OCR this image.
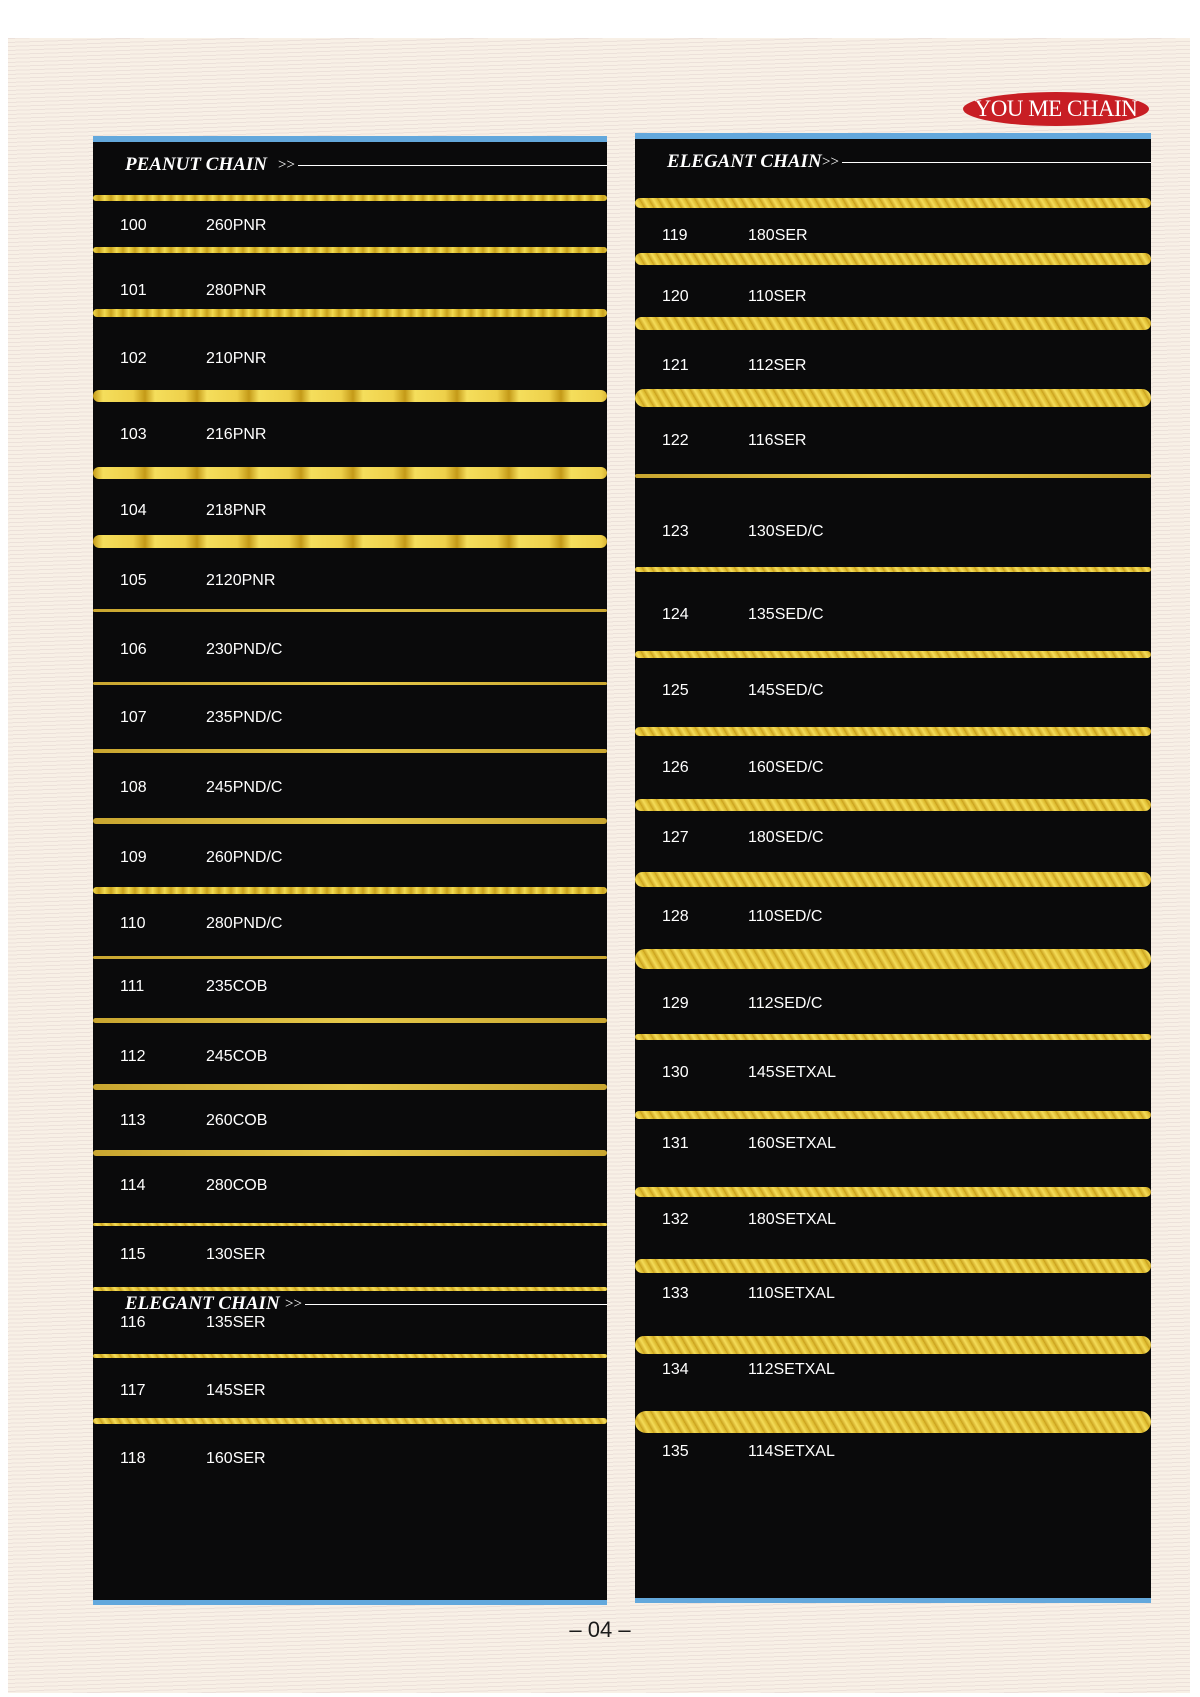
YOU ME CHAIN
PEANUT CHAIN >>
ELEGANT CHAIN >>
100	260PNR
101	280PNR
102	210PNR
103	216PNR
104	218PNR
105	2120PNR
106	230PND/C
107	235PND/C
108	245PND/C
109	260PND/C
110	280PND/C
111	235COB
112	245COB
113	260COB
114	280COB
115	130SER
116	135SER
117	145SER
118	160SER
ELEGANT CHAIN >>
119	180SER
120	110SER
121	112SER
122	116SER
123	130SED/C
124	135SED/C
125	145SED/C
126	160SED/C
127	180SED/C
128	110SED/C
129	112SED/C
130	145SETXAL
131	160SETXAL
132	180SETXAL
133	110SETXAL
134	112SETXAL
135	114SETXAL
– 04 –
